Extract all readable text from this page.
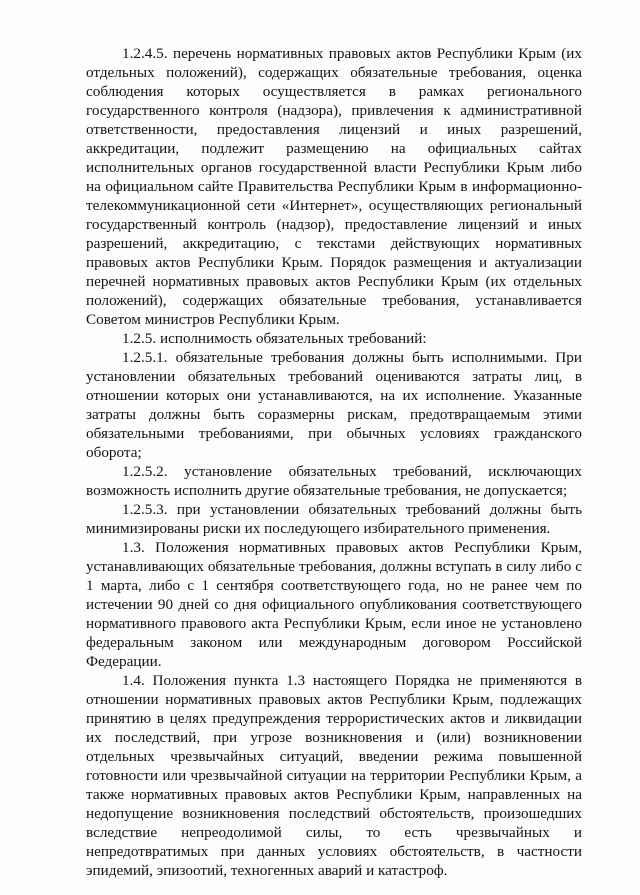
1.2.4.5. перечень нормативных правовых актов Республики Крым (их отдельных положений), содержащих обязательные требования, оценка соблюдения которых осуществляется в рамках регионального государственного контроля (надзора), привлечения к административной ответственности, предоставления лицензий и иных разрешений, аккредитации, подлежит размещению на официальных сайтах исполнительных органов государственной власти Республики Крым либо на официальном сайте Правительства Республики Крым в информационно-телекоммуникационной сети «Интернет», осуществляющих региональный государственный контроль (надзор), предоставление лицензий и иных разрешений, аккредитацию, с текстами действующих нормативных правовых актов Республики Крым. Порядок размещения и актуализации перечней нормативных правовых актов Республики Крым (их отдельных положений), содержащих обязательные требования, устанавливается Советом министров Республики Крым.

1.2.5. исполнимость обязательных требований:

1.2.5.1. обязательные требования должны быть исполнимыми. При установлении обязательных требований оцениваются затраты лиц, в отношении которых они устанавливаются, на их исполнение. Указанные затраты должны быть соразмерны рискам, предотвращаемым этими обязательными требованиями, при обычных условиях гражданского оборота;

1.2.5.2. установление обязательных требований, исключающих возможность исполнить другие обязательные требования, не допускается;

1.2.5.3. при установлении обязательных требований должны быть минимизированы риски их последующего избирательного применения.

1.3. Положения нормативных правовых актов Республики Крым, устанавливающих обязательные требования, должны вступать в силу либо с 1 марта, либо с 1 сентября соответствующего года, но не ранее чем по истечении 90 дней со дня официального опубликования соответствующего нормативного правового акта Республики Крым, если иное не установлено федеральным законом или международным договором Российской Федерации.

1.4. Положения пункта 1.3 настоящего Порядка не применяются в отношении нормативных правовых актов Республики Крым, подлежащих принятию в целях предупреждения террористических актов и ликвидации их последствий, при угрозе возникновения и (или) возникновении отдельных чрезвычайных ситуаций, введении режима повышенной готовности или чрезвычайной ситуации на территории Республики Крым, а также нормативных правовых актов Республики Крым, направленных на недопущение возникновения последствий обстоятельств, произошедших вследствие непреодолимой силы, то есть чрезвычайных и непредотвратимых при данных условиях обстоятельств, в частности эпидемий, эпизоотий, техногенных аварий и катастроф.
